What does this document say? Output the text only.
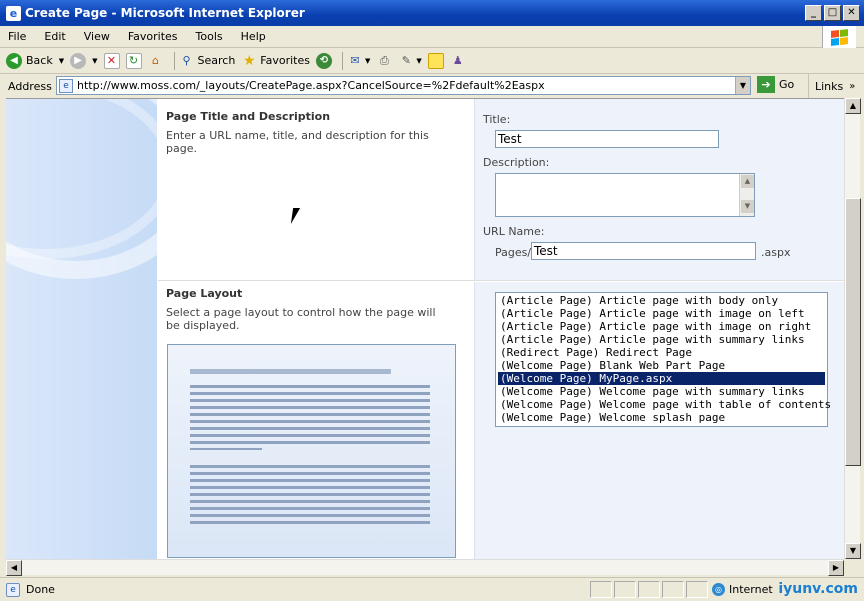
e Create Page - Microsoft Internet Explorer	_	□	✕
File Edit View Favorites Tools Help
◀ Back ▼	▶	▼ ✕	↻	⌂	⚲ Search ★ Favorites ⟲	✉ ▼ ⎙	✎ ▼	♟
Address	e http://www.moss.com/_layouts/CreatePage.aspx?CancelSource=%2Fdefault%2Easpx	▼	➔ Go Links »
Page Title and Description
Enter a URL name, title, and description for this page.
Title:
Test
Description:
▲
▼
URL Name:
Pages/ Test	.aspx
Page Layout
Select a page layout to control how the page will be displayed.
(Article Page) Article page with body only
(Article Page) Article page with image on left
(Article Page) Article page with image on right
(Article Page) Article page with summary links
(Redirect Page) Redirect Page
(Welcome Page) Blank Web Part Page
(Welcome Page) MyPage.aspx
(Welcome Page) Welcome page with summary links
(Welcome Page) Welcome page with table of contents
(Welcome Page) Welcome splash page
▲
▼
◀	▶
e Done	◎ Internet iyunv.com
